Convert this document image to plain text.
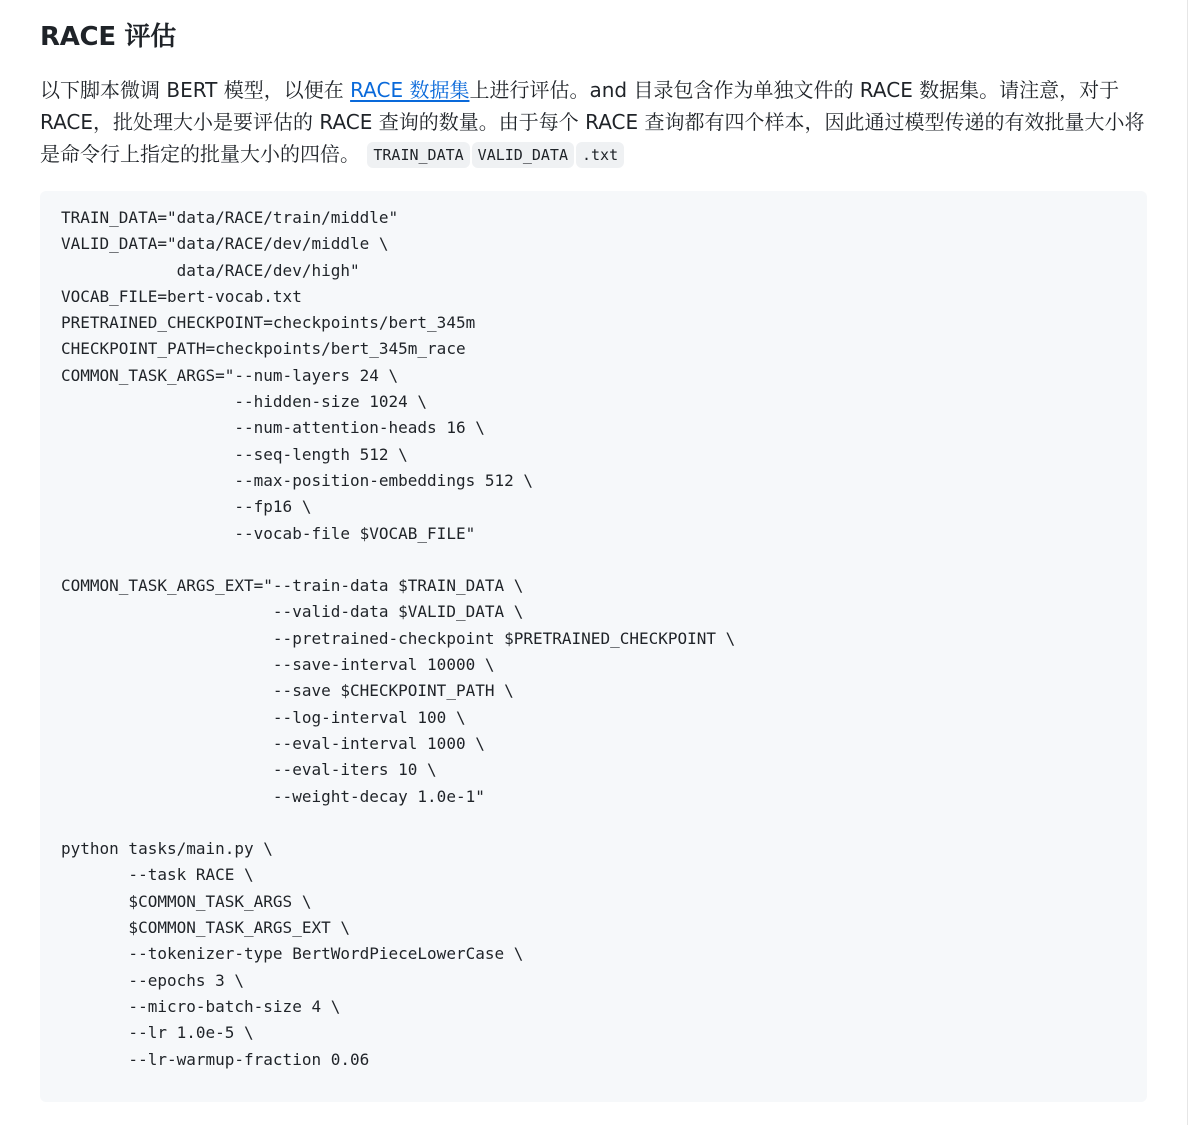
RACE 评估

以下脚本微调 BERT 模型，以便在 RACE 数据集上进行评估。and 目录包含作为单独文件的 RACE 数据集。请注意，对于 RACE，批处理大小是要评估的 RACE 查询的数量。由于每个 RACE 查询都有四个样本，因此通过模型传递的有效批量大小将是命令行上指定的批量大小的四倍。 TRAIN_DATA VALID_DATA .txt

TRAIN_DATA="data/RACE/train/middle"
VALID_DATA="data/RACE/dev/middle \
data/RACE/dev/high"
VOCAB_FILE=bert-vocab.txt
PRETRAINED_CHECKPOINT=checkpoints/bert_345m
CHECKPOINT_PATH=checkpoints/bert_345m_race
COMMON_TASK_ARGS="--num-layers 24 \
--hidden-size 1024 \
--num-attention-heads 16 \
--seq-length 512 \
--max-position-embeddings 512 \
--fp16 \
--vocab-file $VOCAB_FILE"

COMMON_TASK_ARGS_EXT="--train-data $TRAIN_DATA \
--valid-data $VALID_DATA \
--pretrained-checkpoint $PRETRAINED_CHECKPOINT \
--save-interval 10000 \
--save $CHECKPOINT_PATH \
--log-interval 100 \
--eval-interval 1000 \
--eval-iters 10 \
--weight-decay 1.0e-1"

python tasks/main.py \
--task RACE \
$COMMON_TASK_ARGS \
$COMMON_TASK_ARGS_EXT \
--tokenizer-type BertWordPieceLowerCase \
--epochs 3 \
--micro-batch-size 4 \
--lr 1.0e-5 \
--lr-warmup-fraction 0.06
